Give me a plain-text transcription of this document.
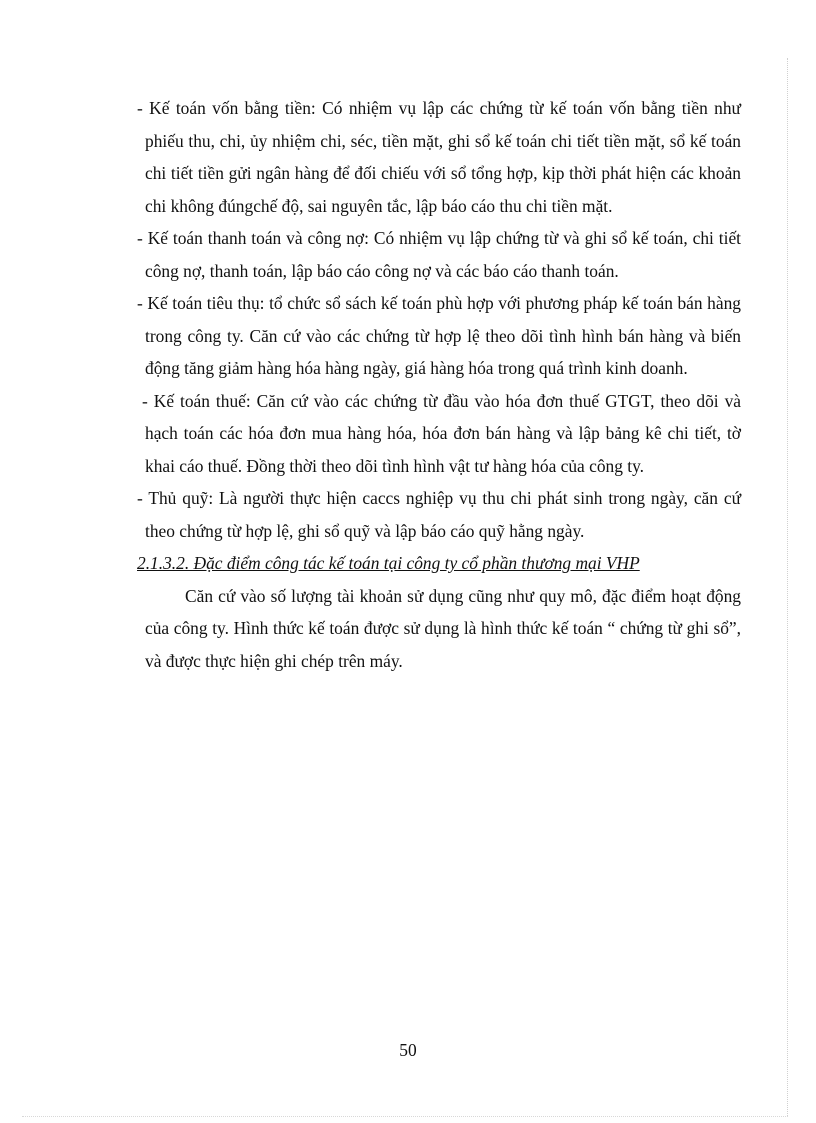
- Kế toán vốn bằng tiền: Có nhiệm vụ lập các chứng từ kế toán vốn bằng tiền như phiếu thu, chi, ủy nhiệm chi, séc, tiền mặt, ghi sổ kế toán chi tiết tiền mặt, sổ kế toán chi tiết tiền gửi ngân hàng để đối chiếu với sổ tổng hợp, kịp thời phát hiện các khoản chi không đúngchế độ, sai nguyên tắc, lập báo cáo thu chi tiền mặt.

- Kế toán thanh toán và công nợ: Có nhiệm vụ lập chứng từ và ghi sổ kế toán, chi tiết công nợ, thanh toán, lập báo cáo công nợ và các báo cáo thanh toán.

- Kế toán tiêu thụ: tổ chức sổ sách kế toán phù hợp với phương pháp kế toán bán hàng trong công ty. Căn cứ vào các chứng từ hợp lệ theo dõi tình hình bán hàng và biến động tăng giảm hàng hóa hàng ngày, giá hàng hóa trong quá trình kinh doanh.

- Kế toán thuế: Căn cứ vào các chứng từ đầu vào hóa đơn thuế GTGT, theo dõi và hạch toán các hóa đơn mua hàng hóa, hóa đơn bán hàng và lập bảng kê chi tiết, tờ khai cáo thuế. Đồng thời theo dõi tình hình vật tư hàng hóa của công ty.

- Thủ quỹ: Là người thực hiện caccs nghiệp vụ thu chi phát sinh trong ngày, căn cứ theo chứng từ hợp lệ, ghi sổ quỹ và lập báo cáo quỹ hằng ngày.

2.1.3.2. Đặc điểm công tác kế toán tại công ty cổ phần thương mại VHP

Căn cứ vào số lượng tài khoản sử dụng cũng như quy mô, đặc điểm hoạt động của công ty. Hình thức kế toán được sử dụng là hình thức kế toán “ chứng từ ghi sổ”, và được thực hiện ghi chép trên máy.

50
